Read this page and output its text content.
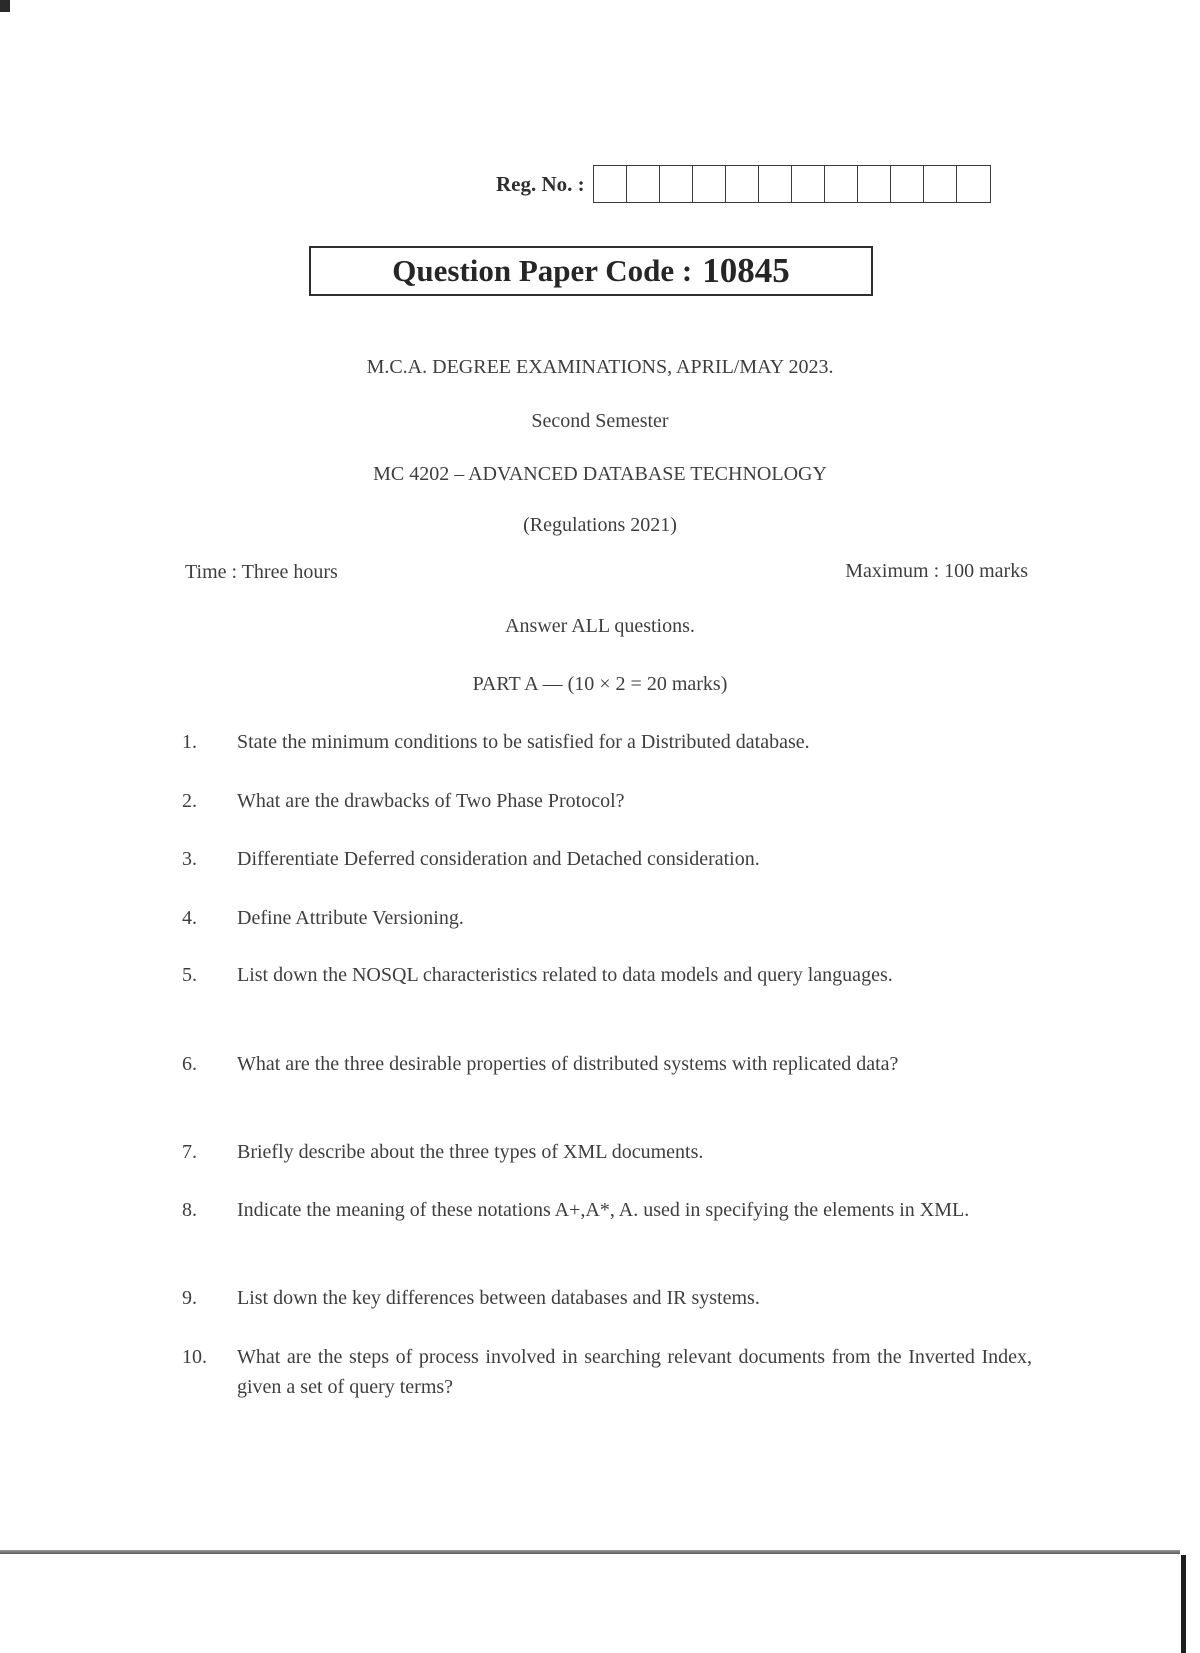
Reg. No. :
Question Paper Code : 10845
M.C.A. DEGREE EXAMINATIONS, APRIL/MAY 2023.
Second Semester
MC 4202 – ADVANCED DATABASE TECHNOLOGY
(Regulations 2021)
Time : Three hours	Maximum : 100 marks
Answer ALL questions.
PART A — (10 × 2 = 20 marks)
1.	State the minimum conditions to be satisfied for a Distributed database.
2.	What are the drawbacks of Two Phase Protocol?
3.	Differentiate Deferred consideration and Detached consideration.
4.	Define Attribute Versioning.
5.	List down the NOSQL characteristics related to data models and query languages.
6.	What are the three desirable properties of distributed systems with replicated data?
7.	Briefly describe about the three types of XML documents.
8.	Indicate the meaning of these notations A+,A*, A. used in specifying the elements in XML.
9.	List down the key differences between databases and IR systems.
10.	What are the steps of process involved in searching relevant documents from the Inverted Index, given a set of query terms?
